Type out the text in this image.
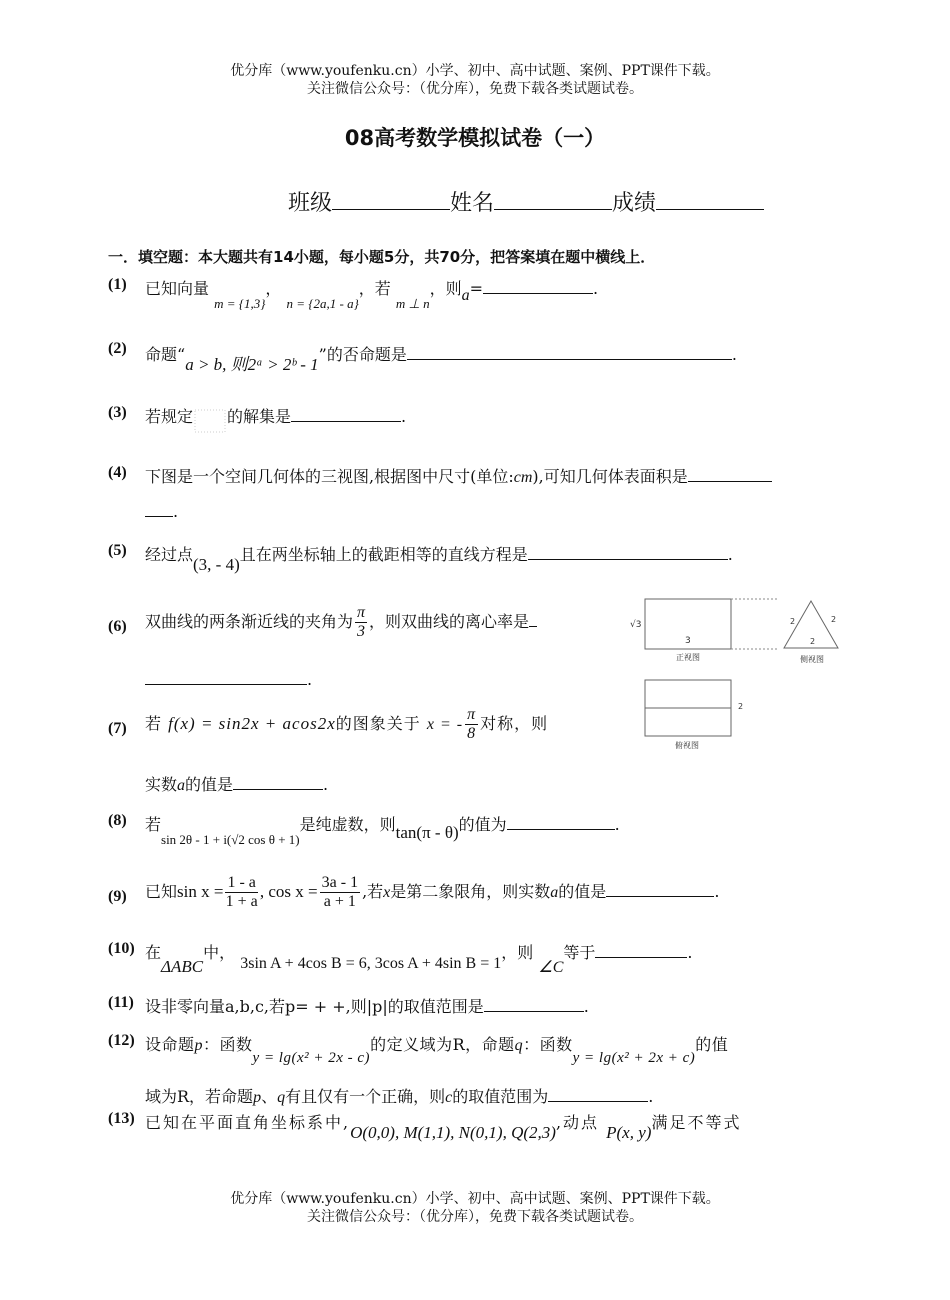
优分库（www.youfenku.cn）小学、初中、高中试题、案例、PPT课件下载。
关注微信公众号：（优分库），免费下载各类试题试卷。
08高考数学模拟试卷（一）
班级	姓名	成绩
一．填空题：本大题共有14小题，每小题5分，共70分，把答案填在题中横线上．
(1) 已知向量 $_{m = \{1,3\}}$， $_{n = \{2a,1 - a\}}$，若 $_{m \perp n}$，则a=	.
(2) 命题“a > b, 则2ᵃ > 2ᵇ - 1”的否命题是	.
(3) 若规定 的解集是	.
(4) 下图是一个空间几何体的三视图,根据图中尺寸(单位:cm),可知几何体表面积是
.
(5) 经过点(3, - 4)且在两坐标轴上的截距相等的直线方程是	.
(6) 双曲线的两条渐近线的夹角为 $\frac{\pi}{3}$ ，则双曲线的离心率是
.
(7) 若 f(x) = sin2x + acos2x的图象关于 x = - $\frac{\pi}{8}$ 对称，则
实数a的值是	.
(8) 若$_{sin 2\theta - 1 + i(√2 cos \theta + 1)}$是纯虚数，则tan(π - θ)的值为	.
(9) 已知$\sin x = \frac{1 - a}{1 + a}$ , $\cos x = \frac{3a - 1}{a + 1}$ ,若x是第二象限角，则实数a的值是	.
(10) 在ΔABC中， 3sin A + 4cos B = 6, 3cos A + 4sin B = 1，则 ∠C等于	.
(11) 设非零向量a,b,c,若p= + +,则|p|的取值范围是	.
(12) 设命题p：函数y = lg(x² + 2x - c)的定义域为R，命题q：函数y = lg(x² + 2x + c)的值
域为R，若命题p、q有且仅有一个正确，则c的取值范围为	.
(13) 已知在平面直角坐标系中,O(0,0), M(1,1), N(0,1), Q(2,3),动点 P(x, y)满足不等式
√3
3
正视图
2	2
2
侧视图
2
俯视图
优分库（www.youfenku.cn）小学、初中、高中试题、案例、PPT课件下载。
关注微信公众号：（优分库），免费下载各类试题试卷。
